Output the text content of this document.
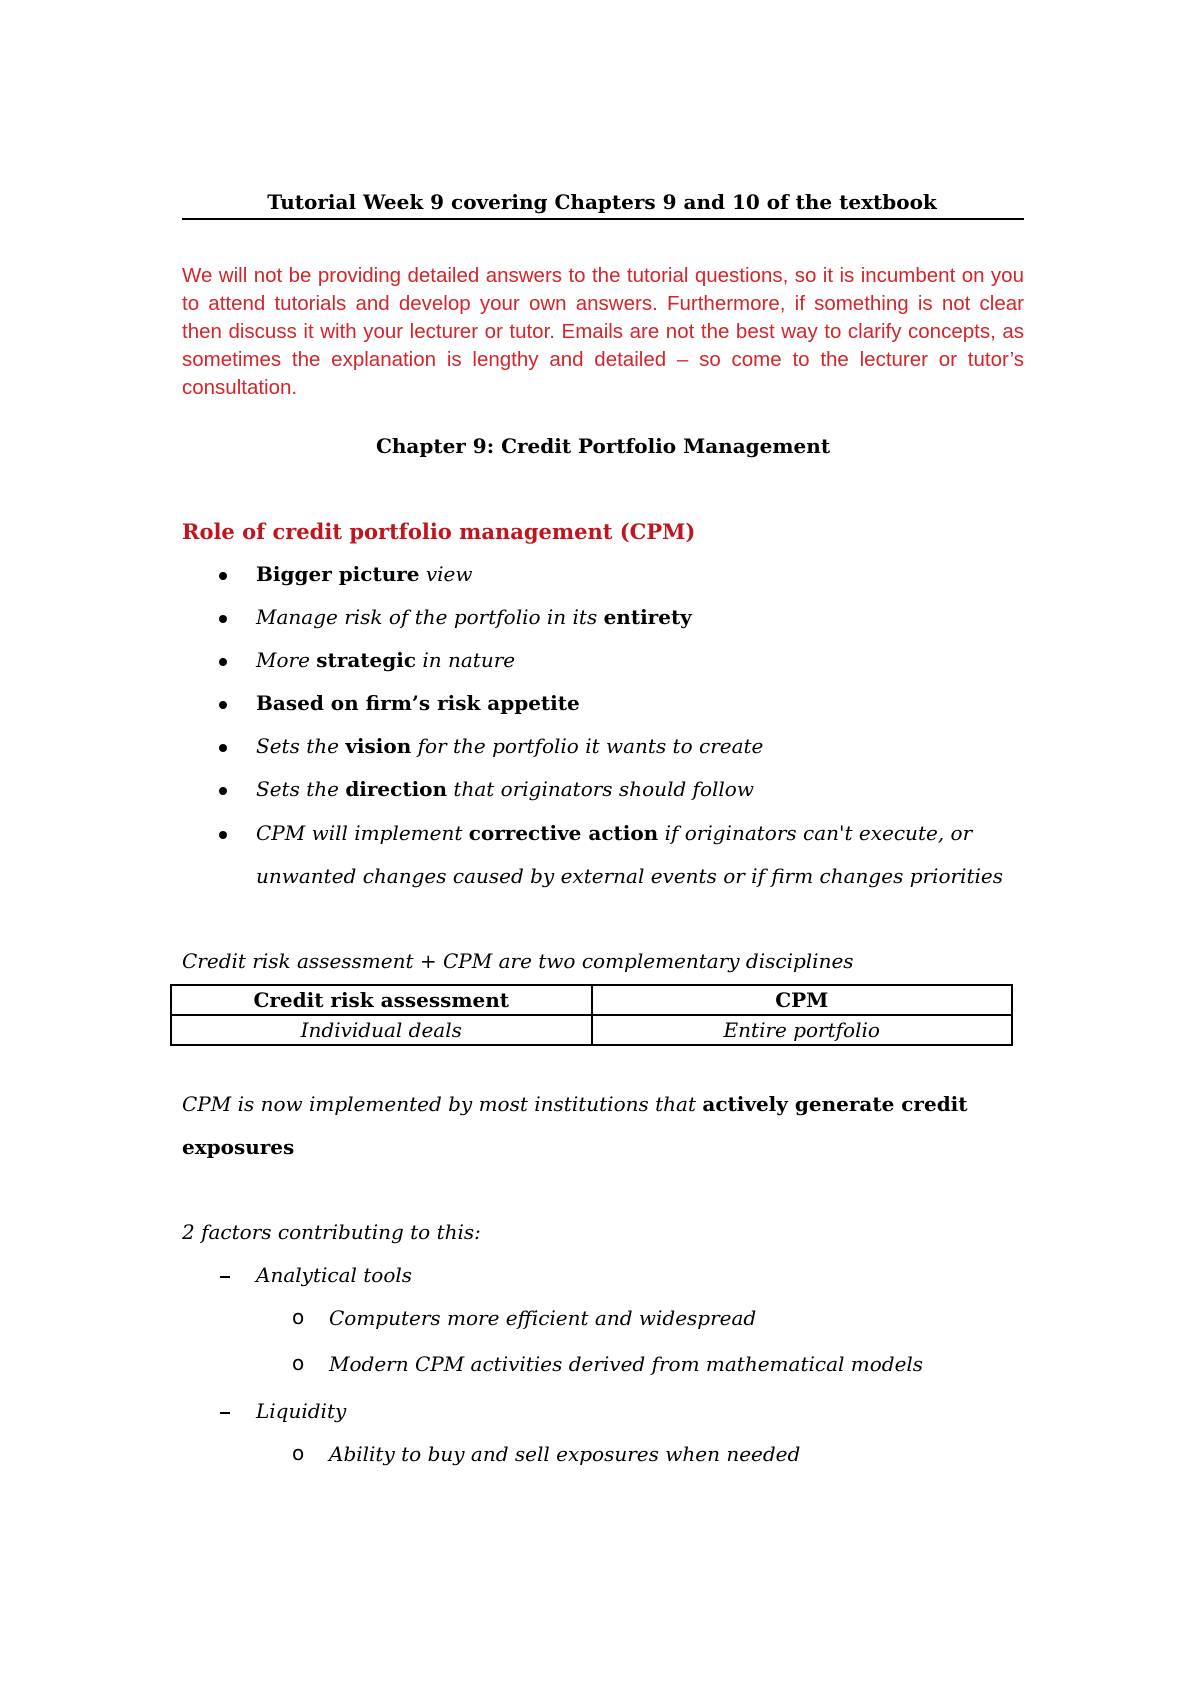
Tutorial Week 9 covering Chapters 9 and 10 of the textbook
We will not be providing detailed answers to the tutorial questions, so it is incumbent on you to attend tutorials and develop your own answers. Furthermore, if something is not clear then discuss it with your lecturer or tutor. Emails are not the best way to clarify concepts, as sometimes the explanation is lengthy and detailed – so come to the lecturer or tutor’s consultation.
Chapter 9: Credit Portfolio Management
Role of credit portfolio management (CPM)
Bigger picture view
Manage risk of the portfolio in its entirety
More strategic in nature
Based on firm’s risk appetite
Sets the vision for the portfolio it wants to create
Sets the direction that originators should follow
CPM will implement corrective action if originators can't execute, or
unwanted changes caused by external events or if firm changes priorities
Credit risk assessment + CPM are two complementary disciplines
Credit risk assessment	CPM
Individual deals	Entire portfolio
CPM is now implemented by most institutions that actively generate credit
exposures
2 factors contributing to this:
Analytical tools
o Computers more efficient and widespread
o Modern CPM activities derived from mathematical models
Liquidity
o Ability to buy and sell exposures when needed
